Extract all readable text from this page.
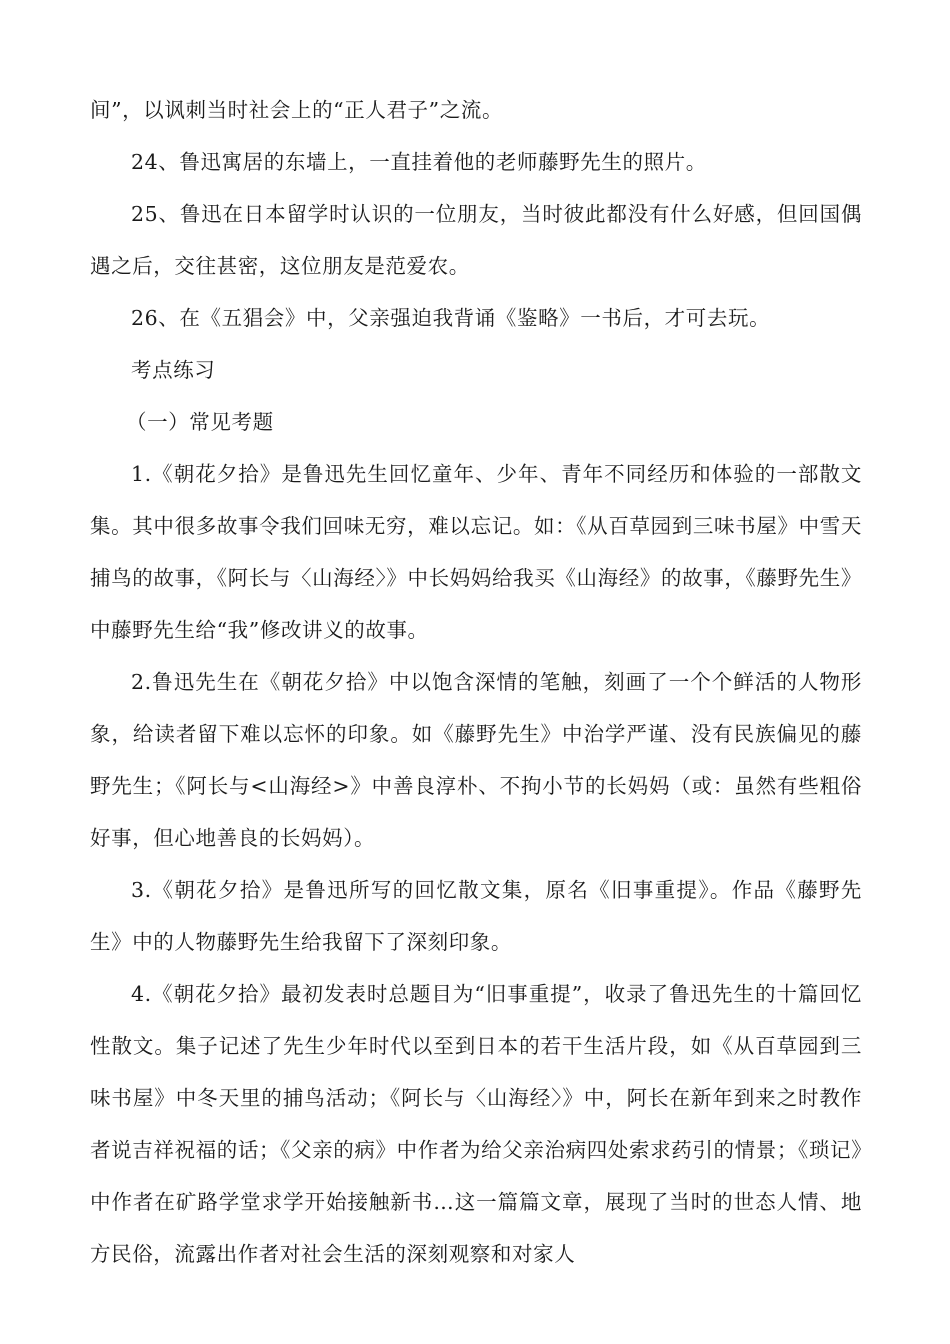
间”，以讽刺当时社会上的“正人君子”之流。

24、鲁迅寓居的东墙上，一直挂着他的老师藤野先生的照片。

25、鲁迅在日本留学时认识的一位朋友，当时彼此都没有什么好感，但回国偶遇之后，交往甚密，这位朋友是范爱农。

26、在《五猖会》中，父亲强迫我背诵《鉴略》一书后，才可去玩。

考点练习

（一）常见考题

1.《朝花夕拾》是鲁迅先生回忆童年、少年、青年不同经历和体验的一部散文集。其中很多故事令我们回味无穷，难以忘记。如：《从百草园到三味书屋》中雪天捕鸟的故事，《阿长与〈山海经〉》中长妈妈给我买《山海经》的故事，《藤野先生》中藤野先生给“我”修改讲义的故事。

2.鲁迅先生在《朝花夕拾》中以饱含深情的笔触，刻画了一个个鲜活的人物形象，给读者留下难以忘怀的印象。如《藤野先生》中治学严谨、没有民族偏见的藤野先生；《阿长与<山海经>》中善良淳朴、不拘小节的长妈妈（或：虽然有些粗俗好事，但心地善良的长妈妈）。

3.《朝花夕拾》是鲁迅所写的回忆散文集，原名《旧事重提》。作品《藤野先生》中的人物藤野先生给我留下了深刻印象。

4.《朝花夕拾》最初发表时总题目为“旧事重提”，收录了鲁迅先生的十篇回忆性散文。集子记述了先生少年时代以至到日本的若干生活片段，如《从百草园到三味书屋》中冬天里的捕鸟活动；《阿长与〈山海经〉》中，阿长在新年到来之时教作者说吉祥祝福的话；《父亲的病》中作者为给父亲治病四处索求药引的情景；《琐记》中作者在矿路学堂求学开始接触新书…这一篇篇文章，展现了当时的世态人情、地方民俗，流露出作者对社会生活的深刻观察和对家人
